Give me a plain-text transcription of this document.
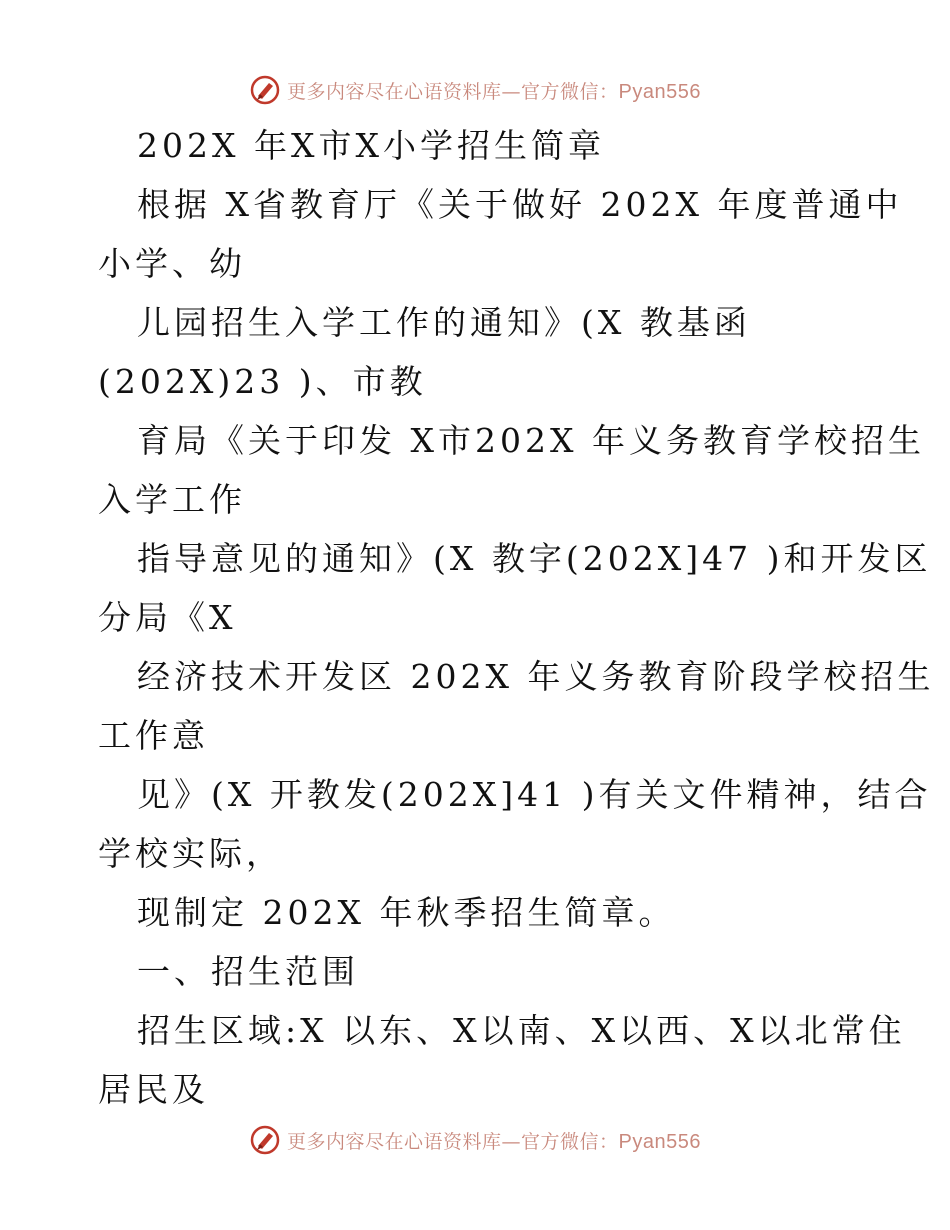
更多内容尽在心语资料库—官方微信：Pyan556
202X 年X市X小学招生简章
根据 X省教育厅《关于做好 202X 年度普通中
小学、幼
儿园招生入学工作的通知》(X 教基函
(202X)23 )、市教
育局《关于印发 X市202X 年义务教育学校招生
入学工作
指导意见的通知》(X 教字(202X]47 )和开发区
分局《X
经济技术开发区 202X 年义务教育阶段学校招生
工作意
见》(X 开教发(202X]41 )有关文件精神，结合
学校实际，
现制定 202X 年秋季招生简章。
一、招生范围
招生区域:X 以东、X以南、X以西、X以北常住
居民及
更多内容尽在心语资料库—官方微信：Pyan556
